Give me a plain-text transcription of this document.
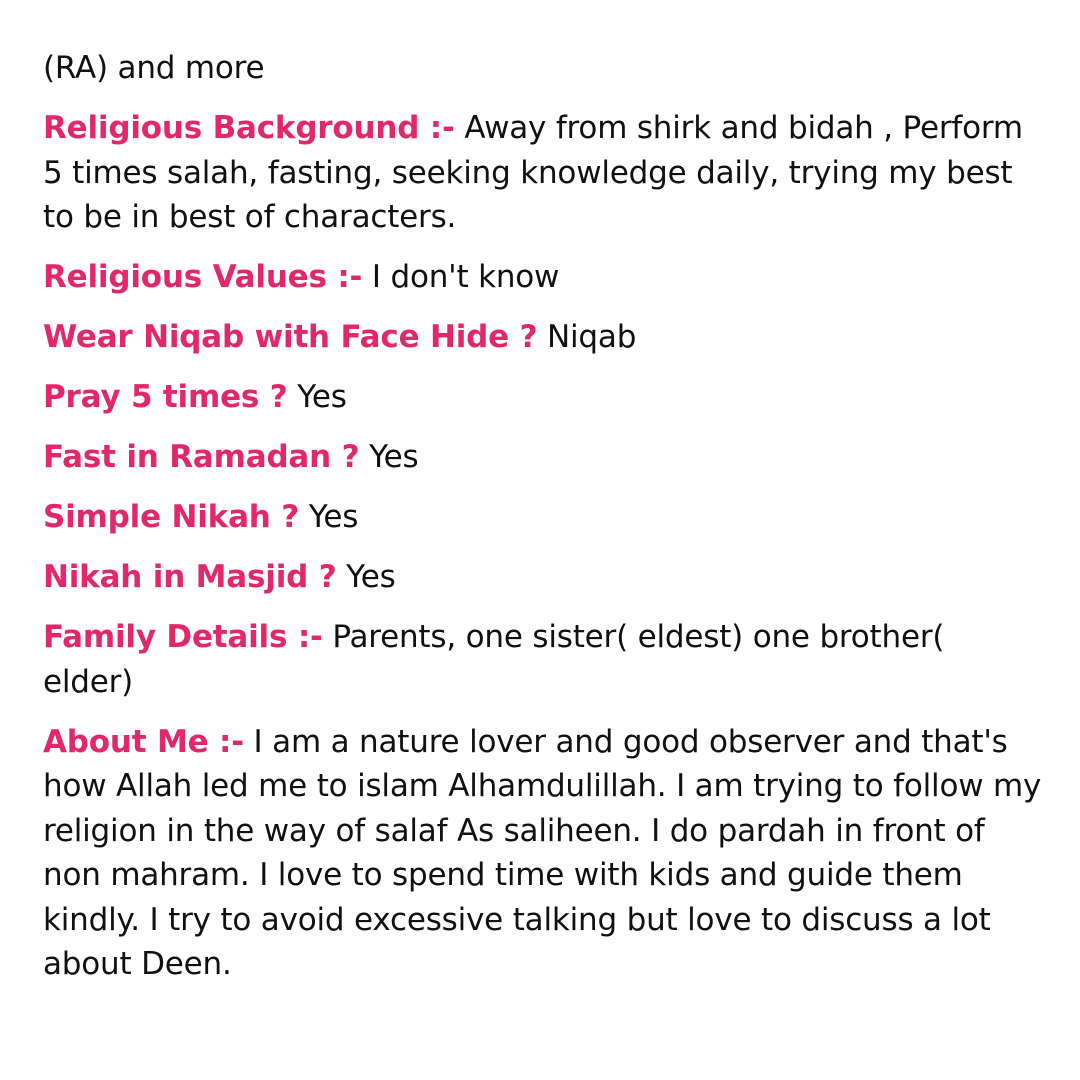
(RA) and more

Religious Background :- Away from shirk and bidah , Perform 5 times salah, fasting, seeking knowledge daily, trying my best to be in best of characters.

Religious Values :- I don't know

Wear Niqab with Face Hide ? Niqab

Pray 5 times ? Yes

Fast in Ramadan ? Yes

Simple Nikah ? Yes

Nikah in Masjid ? Yes

Family Details :- Parents, one sister( eldest) one brother( elder)

About Me :- I am a nature lover and good observer and that's how Allah led me to islam Alhamdulillah. I am trying to follow my religion in the way of salaf As saliheen. I do pardah in front of non mahram. I love to spend time with kids and guide them kindly. I try to avoid excessive talking but love to discuss a lot about Deen.
